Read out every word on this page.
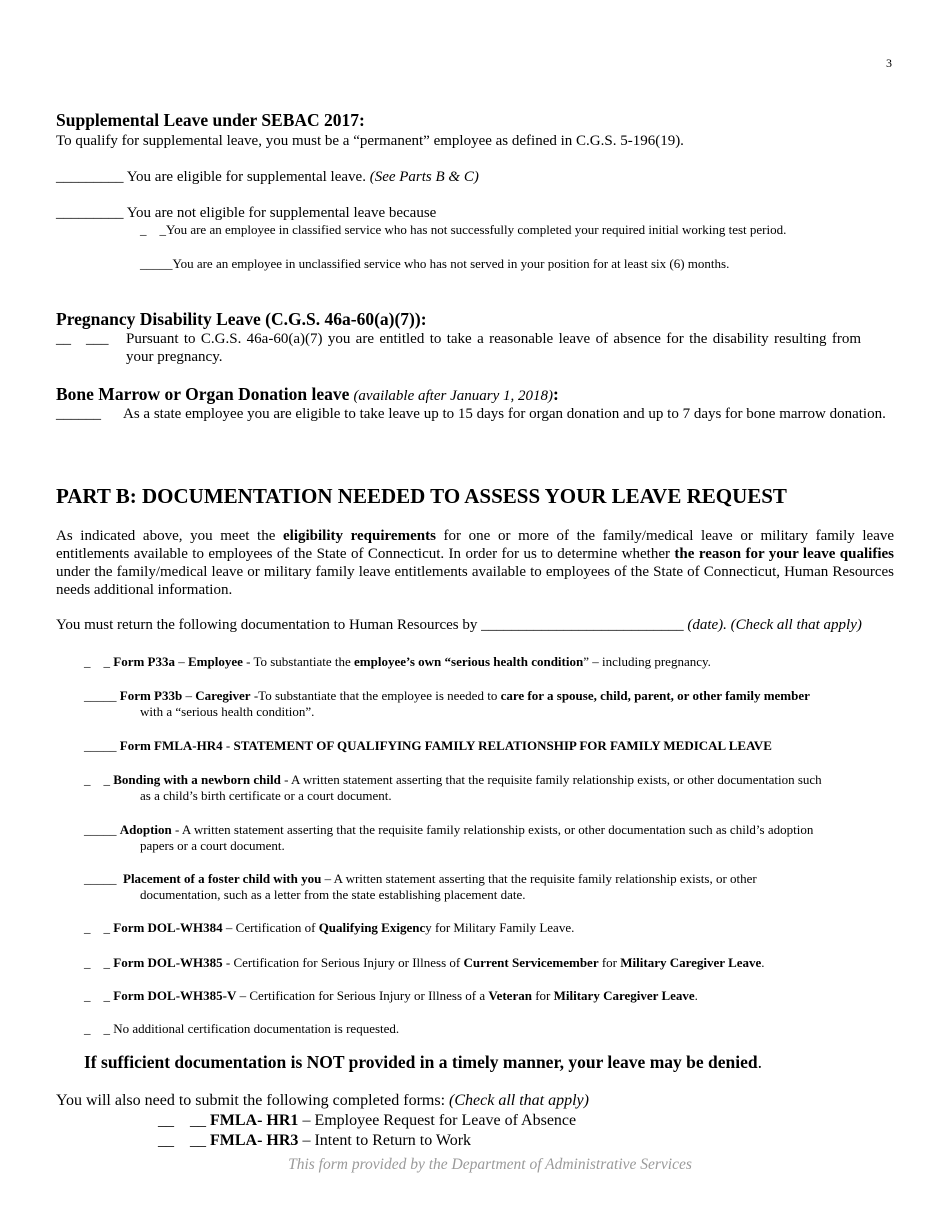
3
Supplemental Leave under SEBAC 2017:
To qualify for supplemental leave, you must be a “permanent” employee as defined in C.G.S. 5-196(19).
_________ You are eligible for supplemental leave. (See Parts B & C)
_________ You are not eligible for supplemental leave because
_    _You are an employee in classified service who has not successfully completed your required initial working test period.
_____You are an employee in unclassified service who has not served in your position for at least six (6) months.
Pregnancy Disability Leave (C.G.S. 46a-60(a)(7)):
__    ___ Pursuant to C.G.S. 46a-60(a)(7) you are entitled to take a reasonable leave of absence for the disability resulting from your pregnancy.
Bone Marrow or Organ Donation leave (available after January 1, 2018):
______ As a state employee you are eligible to take leave up to 15 days for organ donation and up to 7 days for bone marrow donation.
PART B: DOCUMENTATION NEEDED TO ASSESS YOUR LEAVE REQUEST
As indicated above, you meet the eligibility requirements for one or more of the family/medical leave or military family leave entitlements available to employees of the State of Connecticut. In order for us to determine whether the reason for your leave qualifies under the family/medical leave or military family leave entitlements available to employees of the State of Connecticut, Human Resources needs additional information.
You must return the following documentation to Human Resources by ___________________________ (date). (Check all that apply)
_    _ Form P33a – Employee - To substantiate the employee’s own “serious health condition” – including pregnancy.
_____ Form P33b – Caregiver -To substantiate that the employee is needed to care for a spouse, child, parent, or other family member
with a “serious health condition”.
_____ Form FMLA-HR4 - STATEMENT OF QUALIFYING FAMILY RELATIONSHIP FOR FAMILY MEDICAL LEAVE
_    _ Bonding with a newborn child - A written statement asserting that the requisite family relationship exists, or other documentation such
as a child’s birth certificate or a court document.
_____ Adoption - A written statement asserting that the requisite family relationship exists, or other documentation such as child’s adoption
papers or a court document.
_____ Placement of a foster child with you – A written statement asserting that the requisite family relationship exists, or other
documentation, such as a letter from the state establishing placement date.
_    _ Form DOL-WH384 – Certification of Qualifying Exigency for Military Family Leave.
_    _ Form DOL-WH385 - Certification for Serious Injury or Illness of Current Servicemember for Military Caregiver Leave.
_    _ Form DOL-WH385-V – Certification for Serious Injury or Illness of a Veteran for Military Caregiver Leave.
_    _ No additional certification documentation is requested.
If sufficient documentation is NOT provided in a timely manner, your leave may be denied.
You will also need to submit the following completed forms: (Check all that apply)
__    __ FMLA- HR1 – Employee Request for Leave of Absence
__    __ FMLA- HR3 – Intent to Return to Work
This form provided by the Department of Administrative Services
